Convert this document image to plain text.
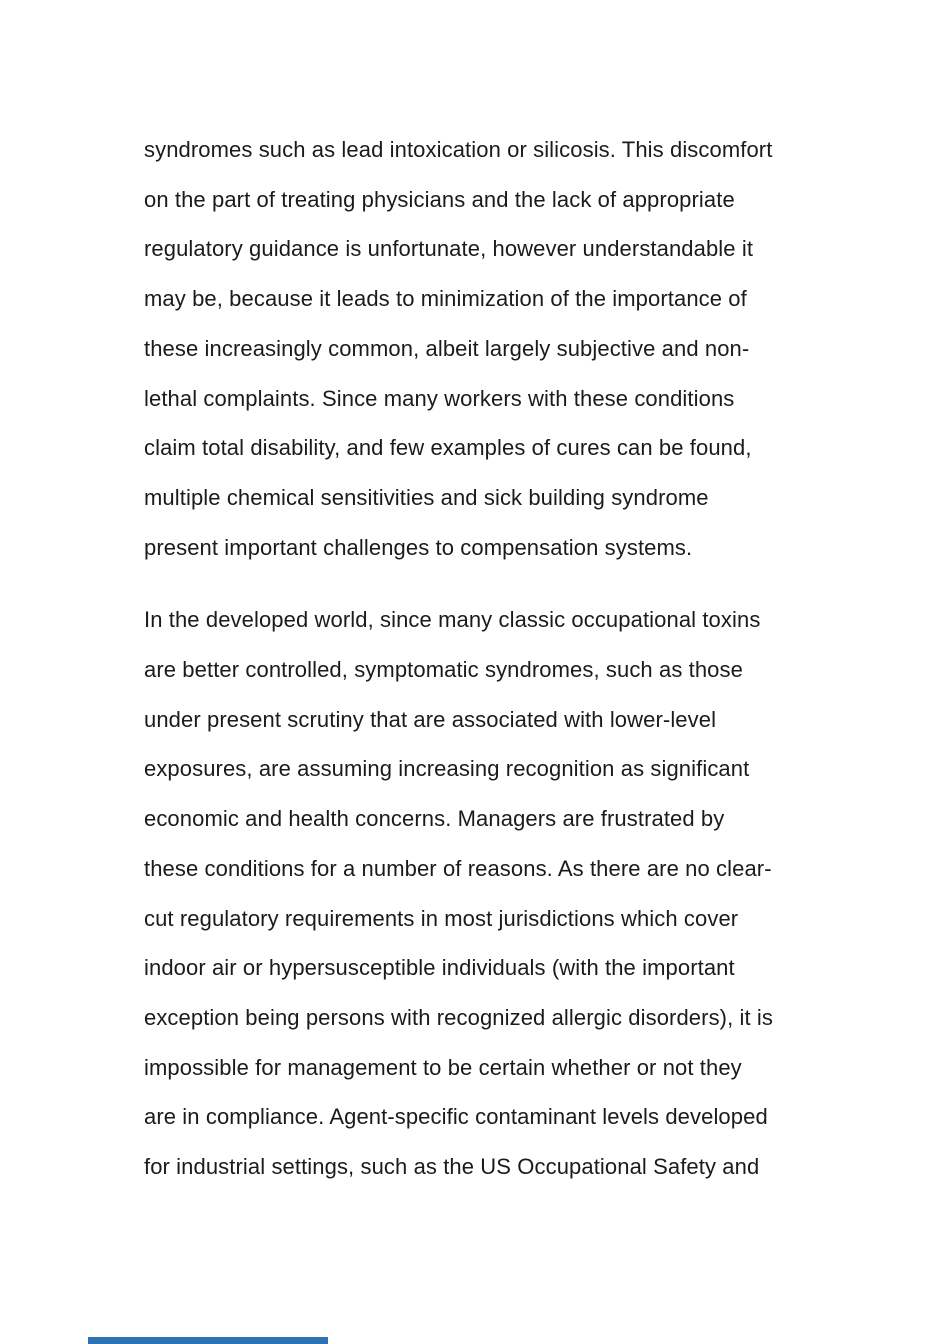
syndromes such as lead intoxication or silicosis. This discomfort
on the part of treating physicians and the lack of appropriate
regulatory guidance is unfortunate, however understandable it
may be, because it leads to minimization of the importance of
these increasingly common, albeit largely subjective and non-
lethal complaints. Since many workers with these conditions
claim total disability, and few examples of cures can be found,
multiple chemical sensitivities and sick building syndrome
present important challenges to compensation systems.
In the developed world, since many classic occupational toxins
are better controlled, symptomatic syndromes, such as those
under present scrutiny that are associated with lower-level
exposures, are assuming increasing recognition as significant
economic and health concerns. Managers are frustrated by
these conditions for a number of reasons. As there are no clear-
cut regulatory requirements in most jurisdictions which cover
indoor air or hypersusceptible individuals (with the important
exception being persons with recognized allergic disorders), it is
impossible for management to be certain whether or not they
are in compliance. Agent-specific contaminant levels developed
for industrial settings, such as the US Occupational Safety and
